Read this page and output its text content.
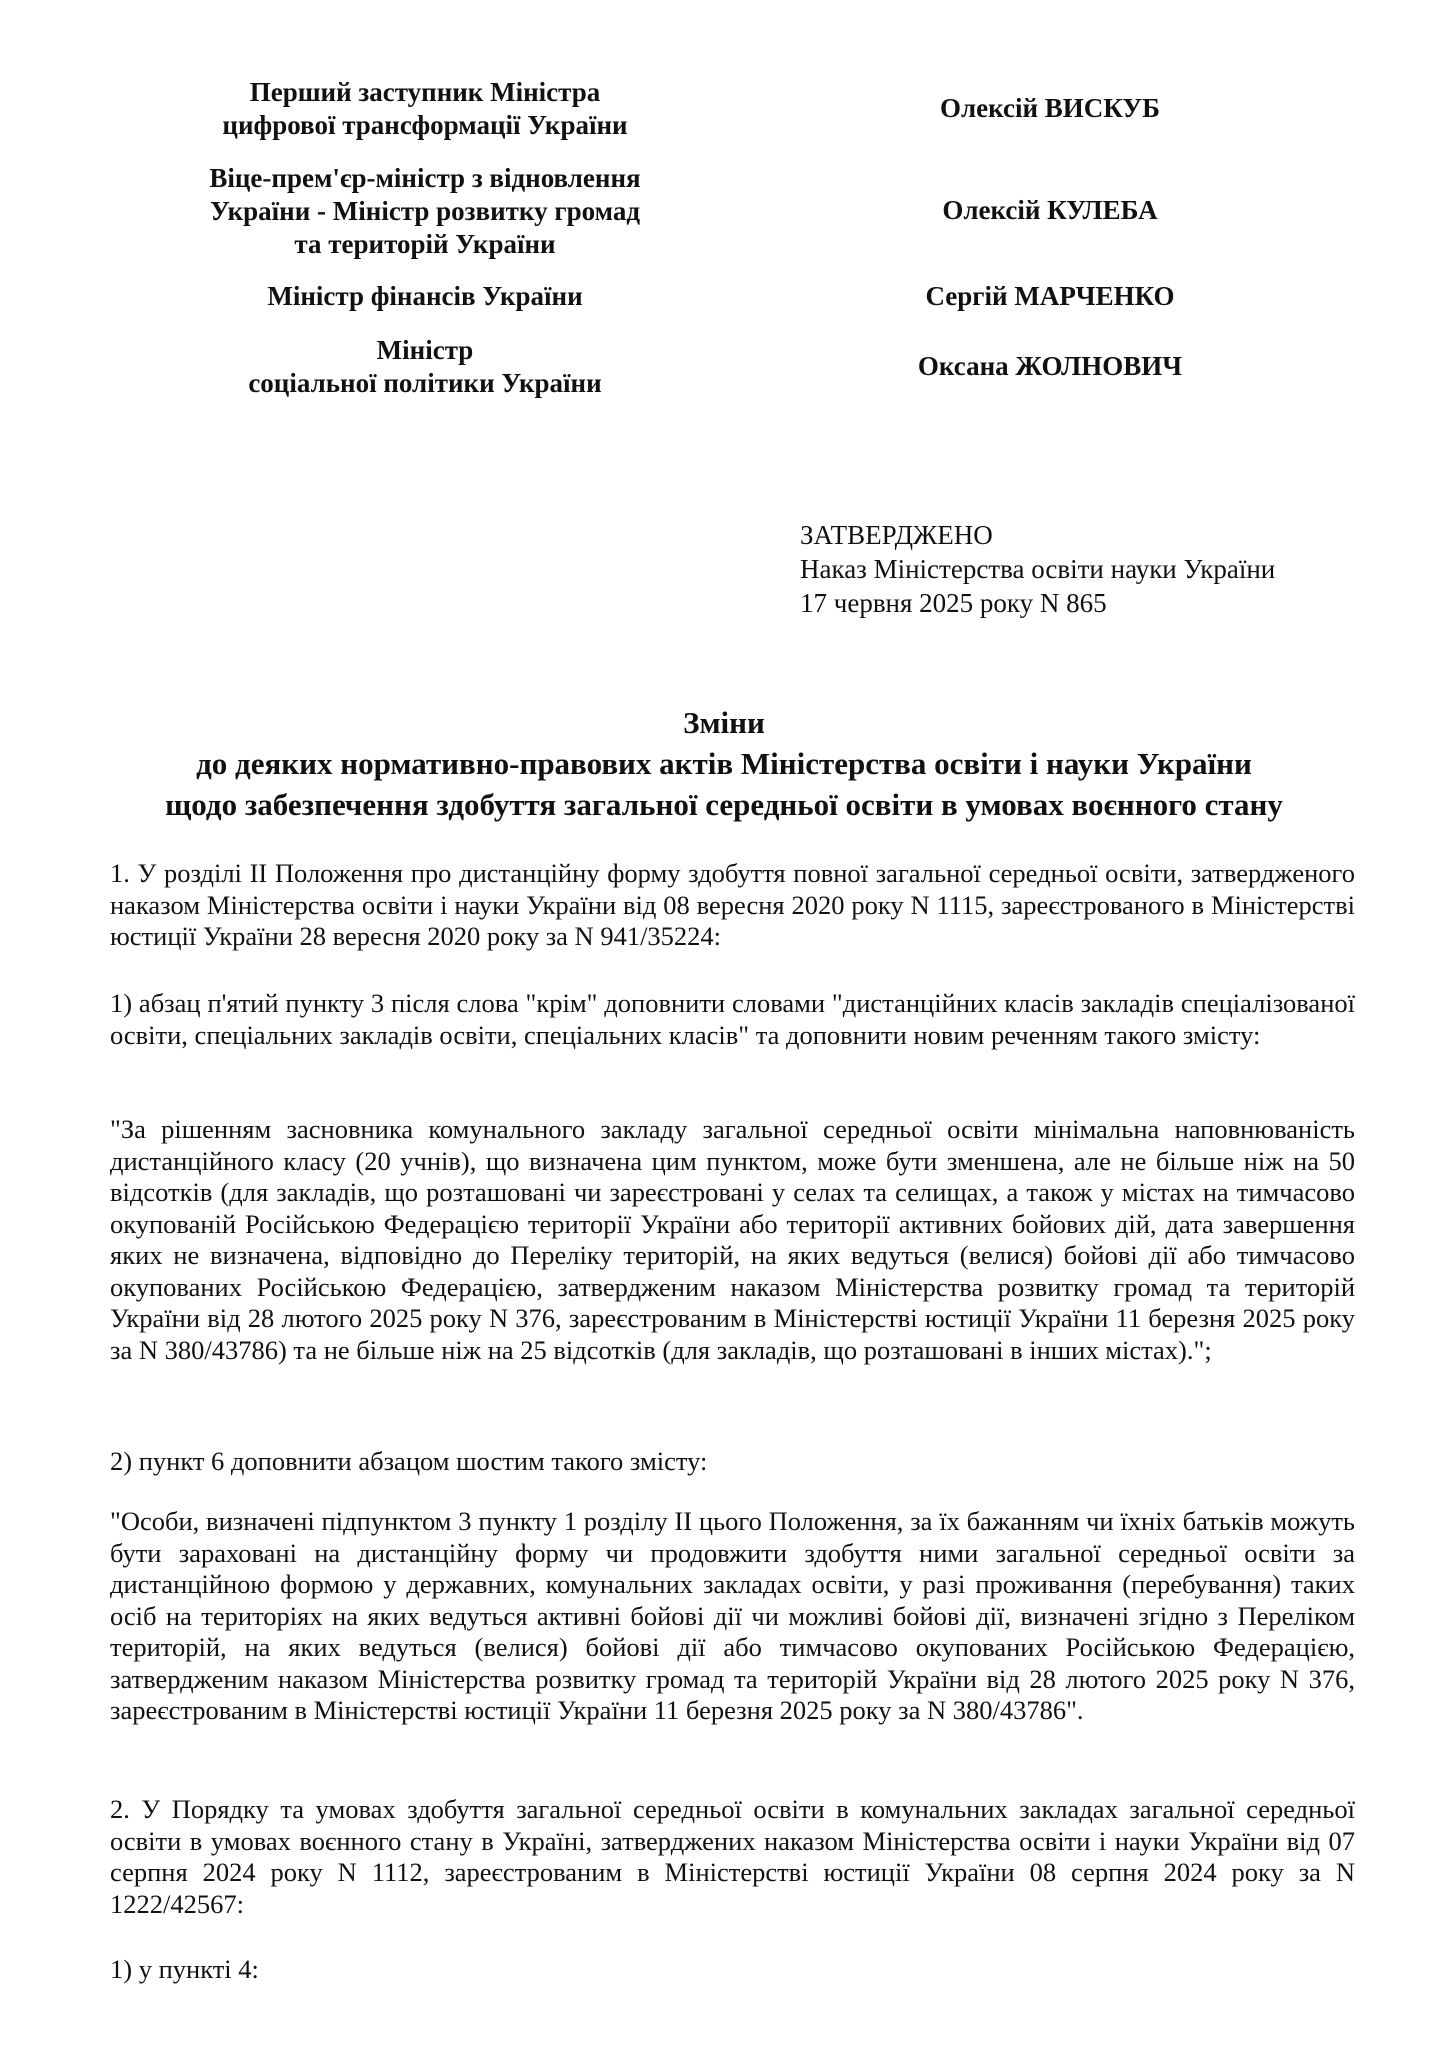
Перший заступник Міністра
цифрової трансформації України
Олексій ВИСКУБ
Віце-прем'єр-міністр з відновлення
України - Міністр розвитку громад
та територій України
Олексій КУЛЕБА
Міністр фінансів України	Сергій МАРЧЕНКО
Міністр
соціальної політики України
Оксана ЖОЛНОВИЧ
ЗАТВЕРДЖЕНО
Наказ Міністерства освіти науки України
17 червня 2025 року N 865
Зміни
до деяких нормативно-правових актів Міністерства освіти і науки України
щодо забезпечення здобуття загальної середньої освіти в умовах воєнного стану
1. У розділі ІІ Положення про дистанційну форму здобуття повної загальної середньої освіти, затвердженого наказом Міністерства освіти і науки України від 08 вересня 2020 року N 1115, зареєстрованого в Міністерстві юстиції України 28 вересня 2020 року за N 941/35224:
1) абзац п'ятий пункту 3 після слова "крім" доповнити словами "дистанційних класів закладів спеціалізованої освіти, спеціальних закладів освіти, спеціальних класів" та доповнити новим реченням такого змісту:
"За рішенням засновника комунального закладу загальної середньої освіти мінімальна наповнюваність дистанційного класу (20 учнів), що визначена цим пунктом, може бути зменшена, але не більше ніж на 50 відсотків (для закладів, що розташовані чи зареєстровані у селах та селищах, а також у містах на тимчасово окупованій Російською Федерацією території України або території активних бойових дій, дата завершення яких не визначена, відповідно до Переліку територій, на яких ведуться (велися) бойові дії або тимчасово окупованих Російською Федерацією, затвердженим наказом Міністерства розвитку громад та територій України від 28 лютого 2025 року N 376, зареєстрованим в Міністерстві юстиції України 11 березня 2025 року за N 380/43786) та не більше ніж на 25 відсотків (для закладів, що розташовані в інших містах).";
2) пункт 6 доповнити абзацом шостим такого змісту:
"Особи, визначені підпунктом 3 пункту 1 розділу ІІ цього Положення, за їх бажанням чи їхніх батьків можуть бути зараховані на дистанційну форму чи продовжити здобуття ними загальної середньої освіти за дистанційною формою у державних, комунальних закладах освіти, у разі проживання (перебування) таких осіб на територіях на яких ведуться активні бойові дії чи можливі бойові дії, визначені згідно з Переліком територій, на яких ведуться (велися) бойові дії або тимчасово окупованих Російською Федерацією, затвердженим наказом Міністерства розвитку громад та територій України від 28 лютого 2025 року N 376, зареєстрованим в Міністерстві юстиції України 11 березня 2025 року за N 380/43786".
2. У Порядку та умовах здобуття загальної середньої освіти в комунальних закладах загальної середньої освіти в умовах воєнного стану в Україні, затверджених наказом Міністерства освіти і науки України від 07 серпня 2024 року N 1112, зареєстрованим в Міністерстві юстиції України 08 серпня 2024 року за N 1222/42567:
1) у пункті 4:
